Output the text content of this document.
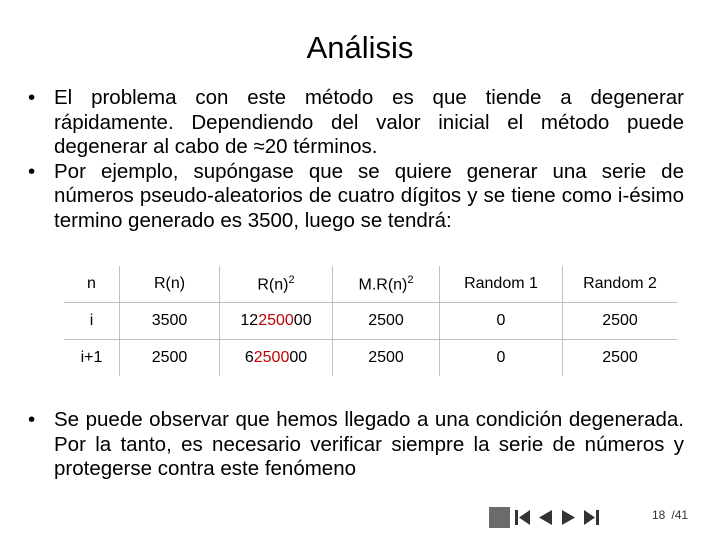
Análisis
• El problema con este método es que tiende a degenerar rápidamente. Dependiendo del valor inicial el método puede degenerar al cabo de ≈20 términos.
• Por ejemplo, supóngase que se quiere generar una serie de números pseudo-aleatorios de cuatro dígitos y se tiene como i-ésimo termino generado es 3500, luego se tendrá:
n	R(n)	$R(n)^2$	$M.R(n)^2$	Random 1	Random 2
i	3500	12250000	2500	0	2500
i+1	2500	6250000	2500	0	2500
• Se puede observar que hemos llegado a una condición degenerada. Por la tanto, es necesario verificar siempre la serie de números y protegerse contra este fenómeno
18 /41
